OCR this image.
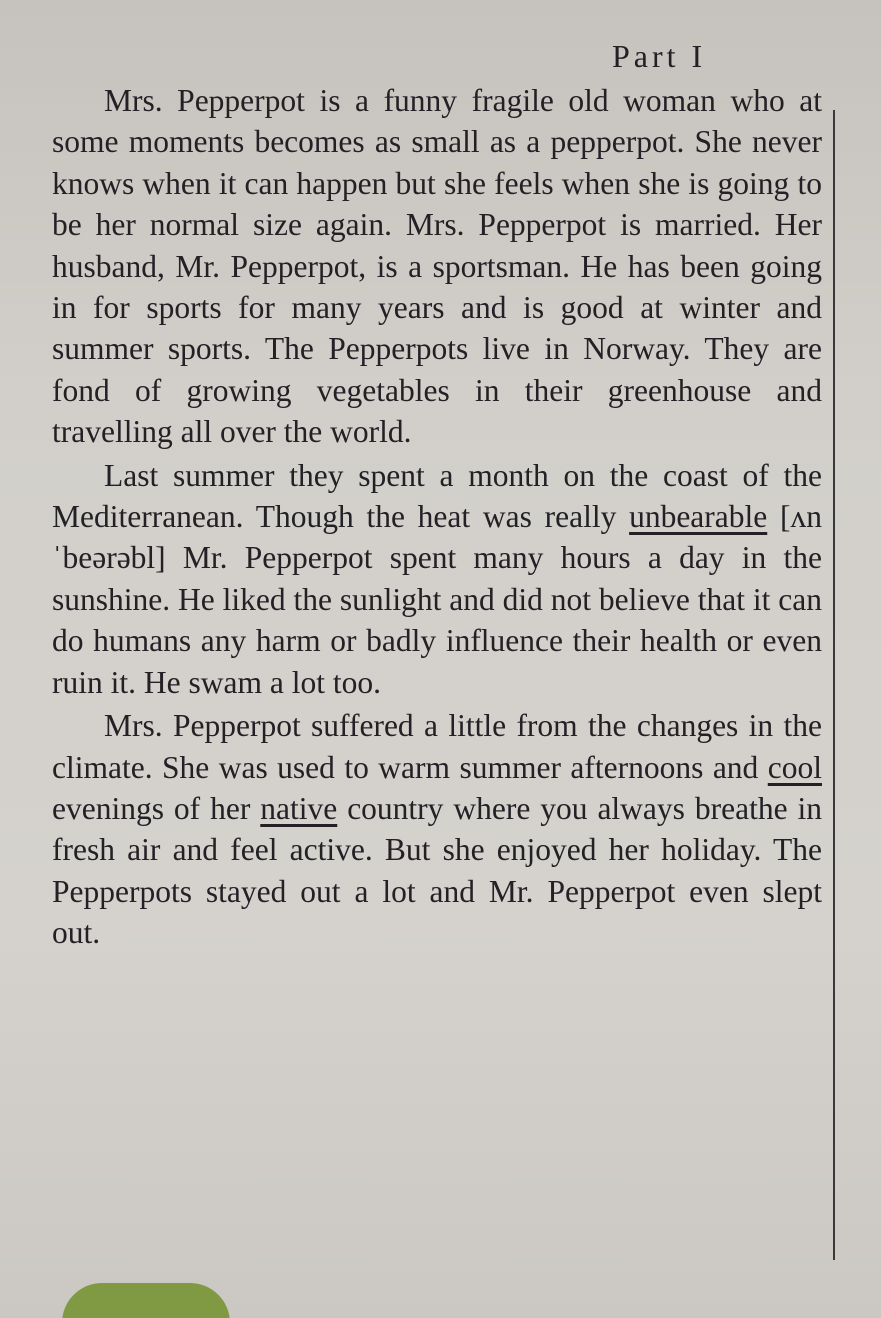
Part I

Mrs. Pepperpot is a funny fragile old woman who at some moments becomes as small as a pepperpot. She never knows when it can happen but she feels when she is going to be her normal size again. Mrs. Pepperpot is married. Her husband, Mr. Pepperpot, is a sportsman. He has been going in for sports for many years and is good at winter and summer sports. The Pepperpots live in Norway. They are fond of growing vegetables in their greenhouse and travelling all over the world.

Last summer they spent a month on the coast of the Mediterranean. Though the heat was really unbearable [ʌnˈbeərəbl] Mr. Pepperpot spent many hours a day in the sunshine. He liked the sunlight and did not believe that it can do humans any harm or badly influence their health or even ruin it. He swam a lot too.

Mrs. Pepperpot suffered a little from the changes in the climate. She was used to warm summer afternoons and cool evenings of her native country where you always breathe in fresh air and feel active. But she enjoyed her holiday. The Pepperpots stayed out a lot and Mr. Pepperpot even slept out.
